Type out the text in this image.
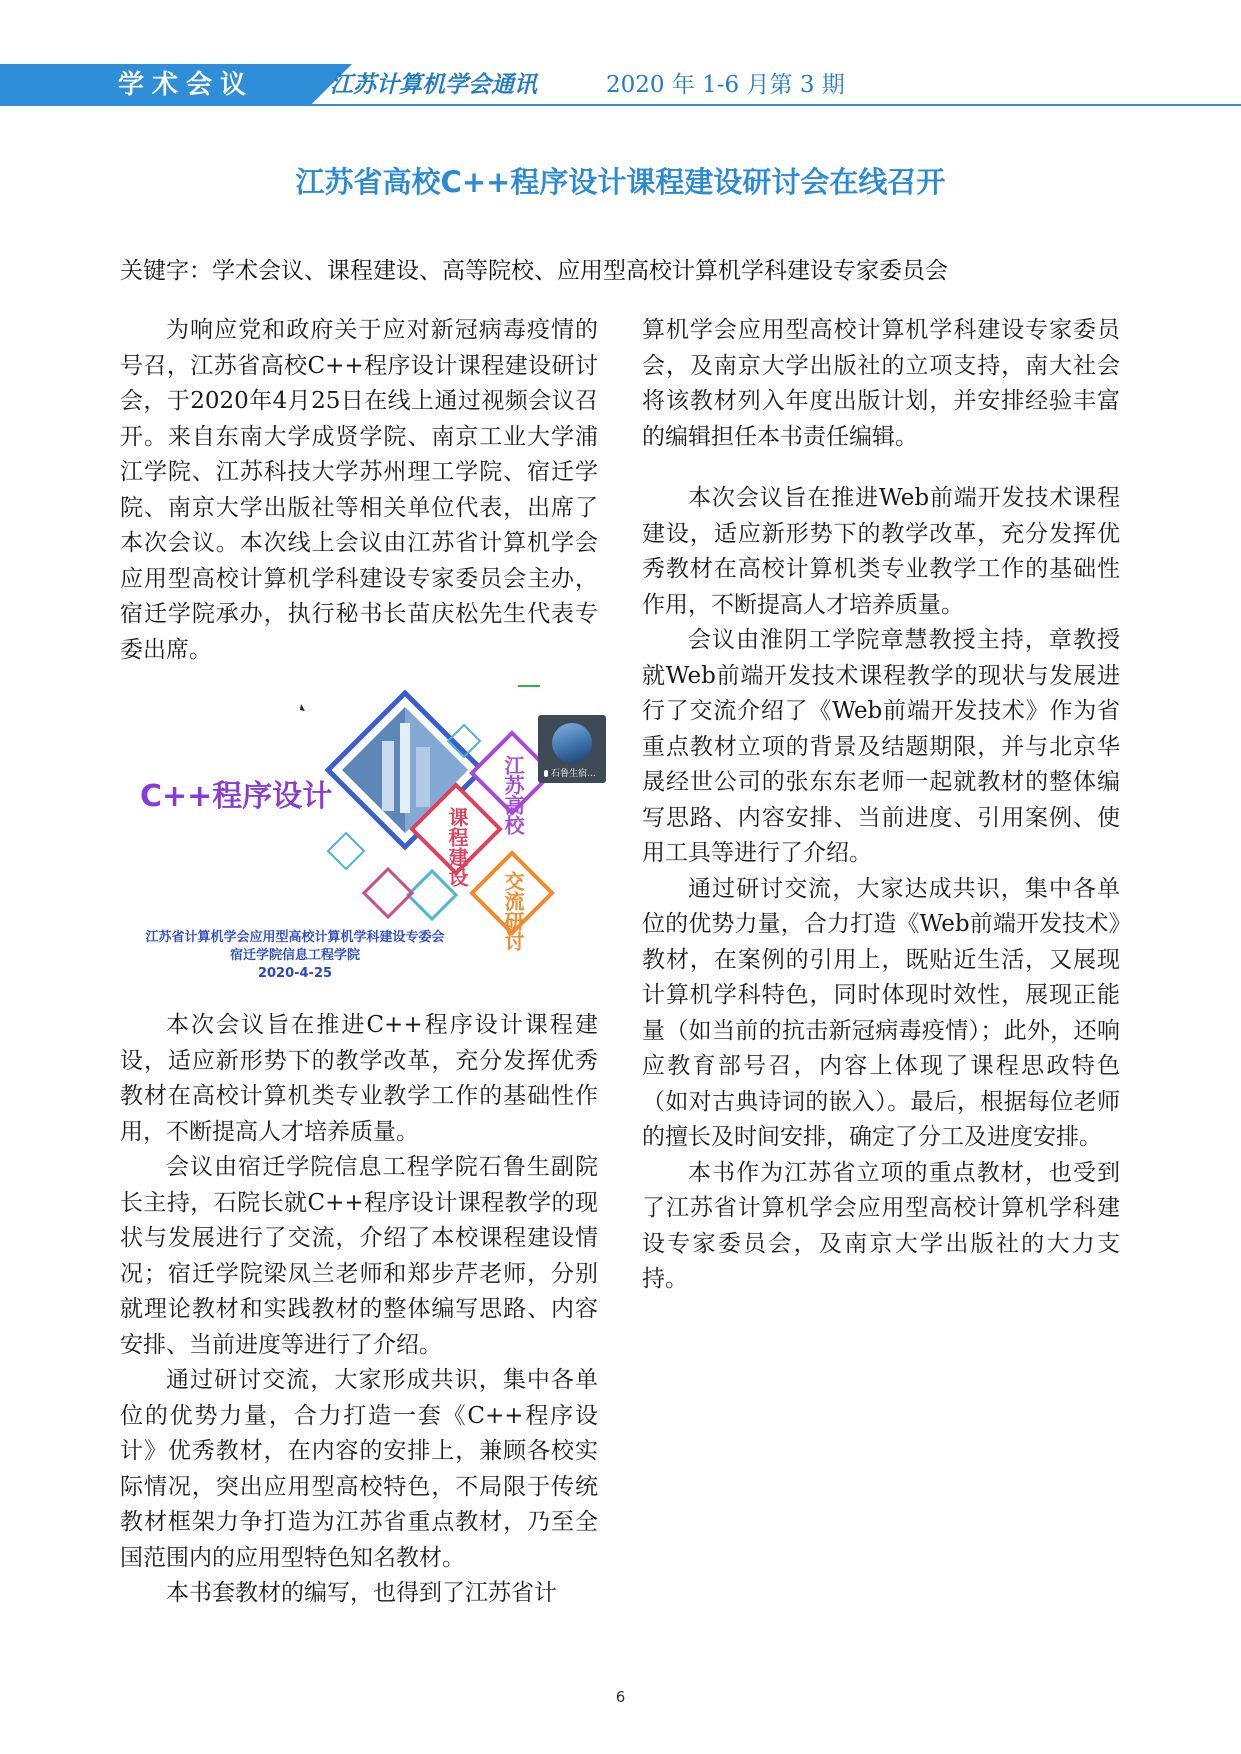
学术会议	江苏计算机学会通讯	2020 年 1-6 月第 3 期
江苏省高校C++程序设计课程建设研讨会在线召开
关键字：学术会议、课程建设、高等院校、应用型高校计算机学科建设专家委员会

为响应党和政府关于应对新冠病毒疫情的号召，江苏省高校C++程序设计课程建设研讨会，于2020年4月25日在线上通过视频会议召开。来自东南大学成贤学院、南京工业大学浦江学院、江苏科技大学苏州理工学院、宿迁学院、南京大学出版社等相关单位代表，出席了本次会议。本次线上会议由江苏省计算机学会应用型高校计算机学科建设专家委员会主办，宿迁学院承办，执行秘书长苗庆松先生代表专委出席。

C++程序设计	江苏高校
课程建设
交流研讨
江苏省计算机学会应用型高校计算机学科建设专委会
宿迁学院信息工程学院
2020-4-25
石鲁生宿...

本次会议旨在推进C++程序设计课程建设，适应新形势下的教学改革，充分发挥优秀教材在高校计算机类专业教学工作的基础性作用，不断提高人才培养质量。

会议由宿迁学院信息工程学院石鲁生副院长主持，石院长就C++程序设计课程教学的现状与发展进行了交流，介绍了本校课程建设情况；宿迁学院梁凤兰老师和郑步芹老师，分别就理论教材和实践教材的整体编写思路、内容安排、当前进度等进行了介绍。

通过研讨交流，大家形成共识，集中各单位的优势力量，合力打造一套《C++程序设计》优秀教材，在内容的安排上，兼顾各校实际情况，突出应用型高校特色，不局限于传统教材框架力争打造为江苏省重点教材，乃至全国范围内的应用型特色知名教材。

本书套教材的编写，也得到了江苏省计

算机学会应用型高校计算机学科建设专家委员会，及南京大学出版社的立项支持，南大社会将该教材列入年度出版计划，并安排经验丰富的编辑担任本书责任编辑。

本次会议旨在推进Web前端开发技术课程建设，适应新形势下的教学改革，充分发挥优秀教材在高校计算机类专业教学工作的基础性作用，不断提高人才培养质量。

会议由淮阴工学院章慧教授主持，章教授就Web前端开发技术课程教学的现状与发展进行了交流介绍了《Web前端开发技术》作为省重点教材立项的背景及结题期限，并与北京华晟经世公司的张东东老师一起就教材的整体编写思路、内容安排、当前进度、引用案例、使用工具等进行了介绍。

通过研讨交流，大家达成共识，集中各单位的优势力量，合力打造《Web前端开发技术》教材，在案例的引用上，既贴近生活，又展现计算机学科特色，同时体现时效性，展现正能量（如当前的抗击新冠病毒疫情）；此外，还响应教育部号召，内容上体现了课程思政特色（如对古典诗词的嵌入）。最后，根据每位老师的擅长及时间安排，确定了分工及进度安排。

本书作为江苏省立项的重点教材，也受到了江苏省计算机学会应用型高校计算机学科建设专家委员会，及南京大学出版社的大力支持。

6
